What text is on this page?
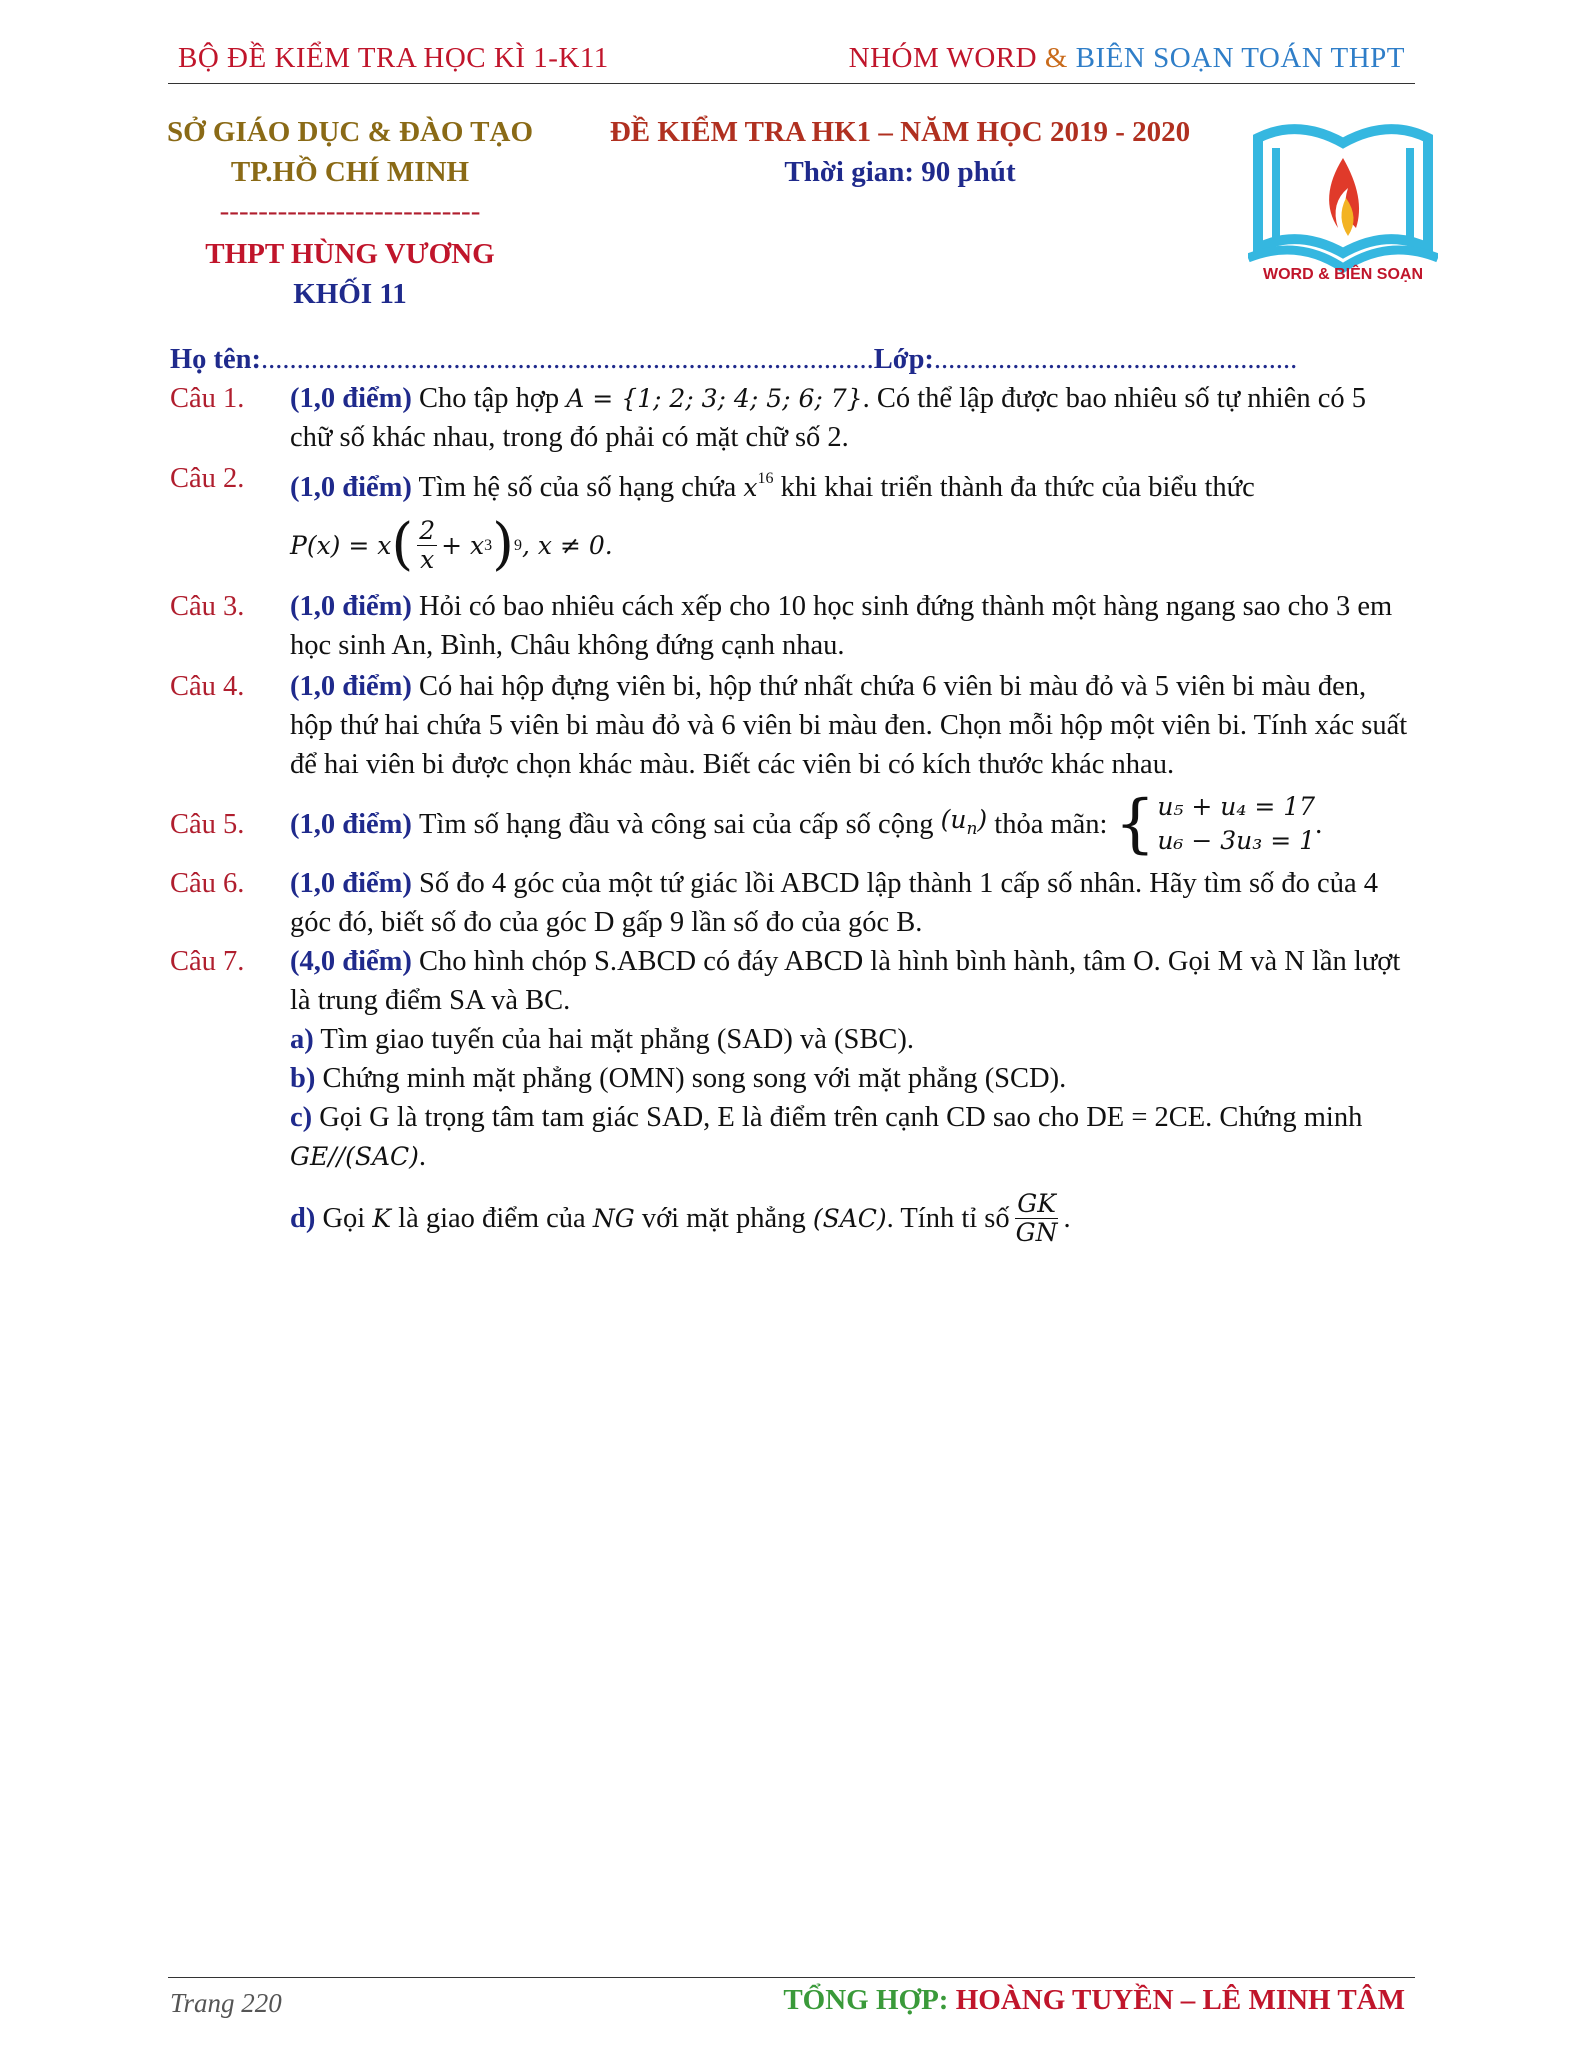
BỘ ĐỀ KIỂM TRA HỌC KÌ 1-K11	NHÓM WORD & BIÊN SOẠN TOÁN THPT
SỞ GIÁO DỤC & ĐÀO TẠO
TP.HỒ CHÍ MINH
---------------------------
THPT HÙNG VƯƠNG
KHỐI 11
ĐỀ KIỂM TRA HK1 – NĂM HỌC 2019 - 2020
Thời gian: 90 phút
WORD & BIÊN SOẠN
Họ tên:......................................................................................Lớp:...................................................
Câu 1.	(1,0 điểm) Cho tập hợp A = {1; 2; 3; 4; 5; 6; 7}. Có thể lập được bao nhiêu số tự nhiên có 5 chữ số khác nhau, trong đó phải có mặt chữ số 2.
Câu 2.	(1,0 điểm) Tìm hệ số của số hạng chứa $x^{16}$ khi khai triển thành đa thức của biểu thức
P(x) = x ( $\frac{2}{x} + x$ 3 ) 9 , x ≠ 0.
Câu 3.	(1,0 điểm) Hỏi có bao nhiêu cách xếp cho 10 học sinh đứng thành một hàng ngang sao cho 3 em học sinh An, Bình, Châu không đứng cạnh nhau.
Câu 4.	(1,0 điểm) Có hai hộp đựng viên bi, hộp thứ nhất chứa 6 viên bi màu đỏ và 5 viên bi màu đen, hộp thứ hai chứa 5 viên bi màu đỏ và 6 viên bi màu đen. Chọn mỗi hộp một viên bi. Tính xác suất để hai viên bi được chọn khác màu. Biết các viên bi có kích thước khác nhau.
Câu 5.	(1,0 điểm)
Tìm số hạng đầu và công sai của cấp số cộng
$(u_n)$
thỏa mãn:
{ u₅ + u₄ = 17
u₆ − 3u₃ = 1
.
Câu 6.	(1,0 điểm) Số đo 4 góc của một tứ giác lồi ABCD lập thành 1 cấp số nhân. Hãy tìm số đo của 4 góc đó, biết số đo của góc D gấp 9 lần số đo của góc B.
Câu 7.	(4,0 điểm) Cho hình chóp S.ABCD có đáy ABCD là hình bình hành, tâm O. Gọi M và N lần lượt là trung điểm SA và BC.
a) Tìm giao tuyến của hai mặt phẳng (SAD) và (SBC).
b) Chứng minh mặt phẳng (OMN) song song với mặt phẳng (SCD).
c) Gọi G là trọng tâm tam giác SAD, E là điểm trên cạnh CD sao cho DE = 2CE. Chứng minh GE//(SAC).
d)
Gọi
K
là giao điểm của
NG
với mặt phẳng
(SAC) . Tính tỉ số $\frac{GK}{GN}$ .
Trang 220	TỔNG HỢP: HOÀNG TUYỀN – LÊ MINH TÂM
